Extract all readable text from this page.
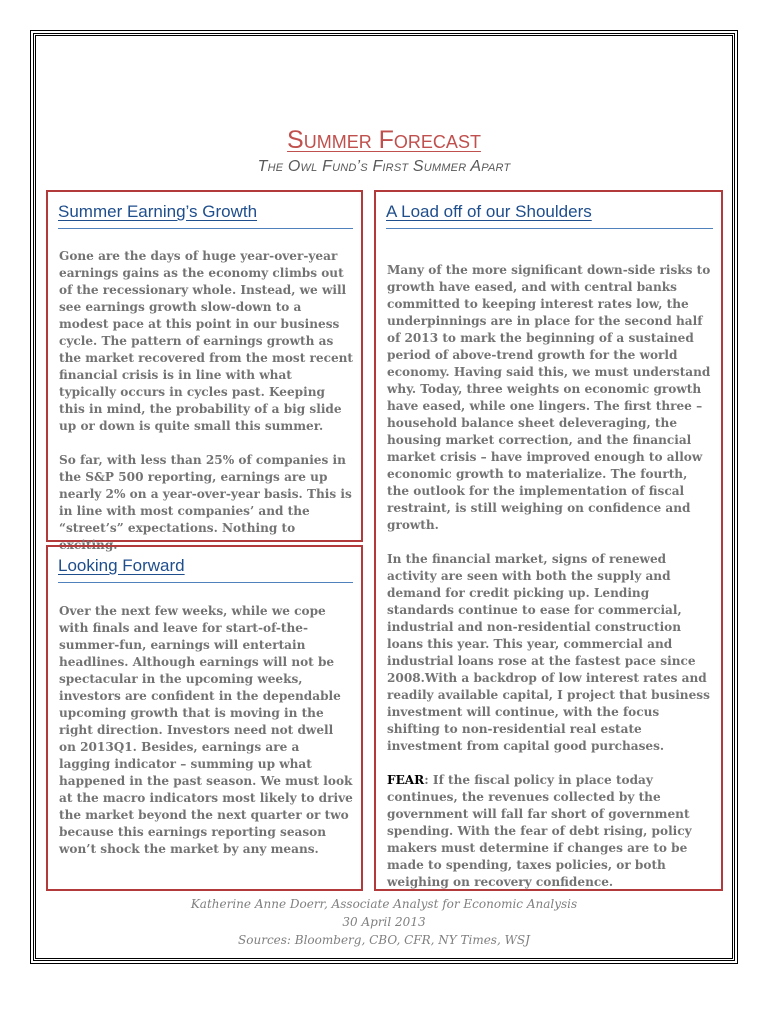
Summer Forecast
The Owl Fund’s First Summer Apart
Summer Earning’s Growth

Gone are the days of huge year-over-year earnings gains as the economy climbs out of the recessionary whole. Instead, we will see earnings growth slow-down to a modest pace at this point in our business cycle. The pattern of earnings growth as the market recovered from the most recent financial crisis is in line with what typically occurs in cycles past. Keeping this in mind, the probability of a big slide up or down is quite small this summer.

So far, with less than 25% of companies in the S&P 500 reporting, earnings are up nearly 2% on a year-over-year basis. This is in line with most companies’ and the “street’s” expectations. Nothing to exciting.

Looking Forward

Over the next few weeks, while we cope with finals and leave for start-of-the-summer-fun, earnings will entertain headlines. Although earnings will not be spectacular in the upcoming weeks, investors are confident in the dependable upcoming growth that is moving in the right direction. Investors need not dwell on 2013Q1. Besides, earnings are a lagging indicator – summing up what happened in the past season. We must look at the macro indicators most likely to drive the market beyond the next quarter or two because this earnings reporting season won’t shock the market by any means.

A Load off of our Shoulders

Many of the more significant down-side risks to growth have eased, and with central banks committed to keeping interest rates low, the underpinnings are in place for the second half of 2013 to mark the beginning of a sustained period of above-trend growth for the world economy. Having said this, we must understand why. Today, three weights on economic growth have eased, while one lingers. The first three – household balance sheet deleveraging, the housing market correction, and the financial market crisis – have improved enough to allow economic growth to materialize. The fourth, the outlook for the implementation of fiscal restraint, is still weighing on confidence and growth.

In the financial market, signs of renewed activity are seen with both the supply and demand for credit picking up. Lending standards continue to ease for commercial, industrial and non-residential construction loans this year. This year, commercial and industrial loans rose at the fastest pace since 2008.With a backdrop of low interest rates and readily available capital, I project that business investment will continue, with the focus shifting to non-residential real estate investment from capital good purchases.

FEAR: If the fiscal policy in place today continues, the revenues collected by the government will fall far short of government spending. With the fear of debt rising, policy makers must determine if changes are to be made to spending, taxes policies, or both weighing on recovery confidence.

Katherine Anne Doerr, Associate Analyst for Economic Analysis
30 April 2013
Sources: Bloomberg, CBO, CFR, NY Times, WSJ
